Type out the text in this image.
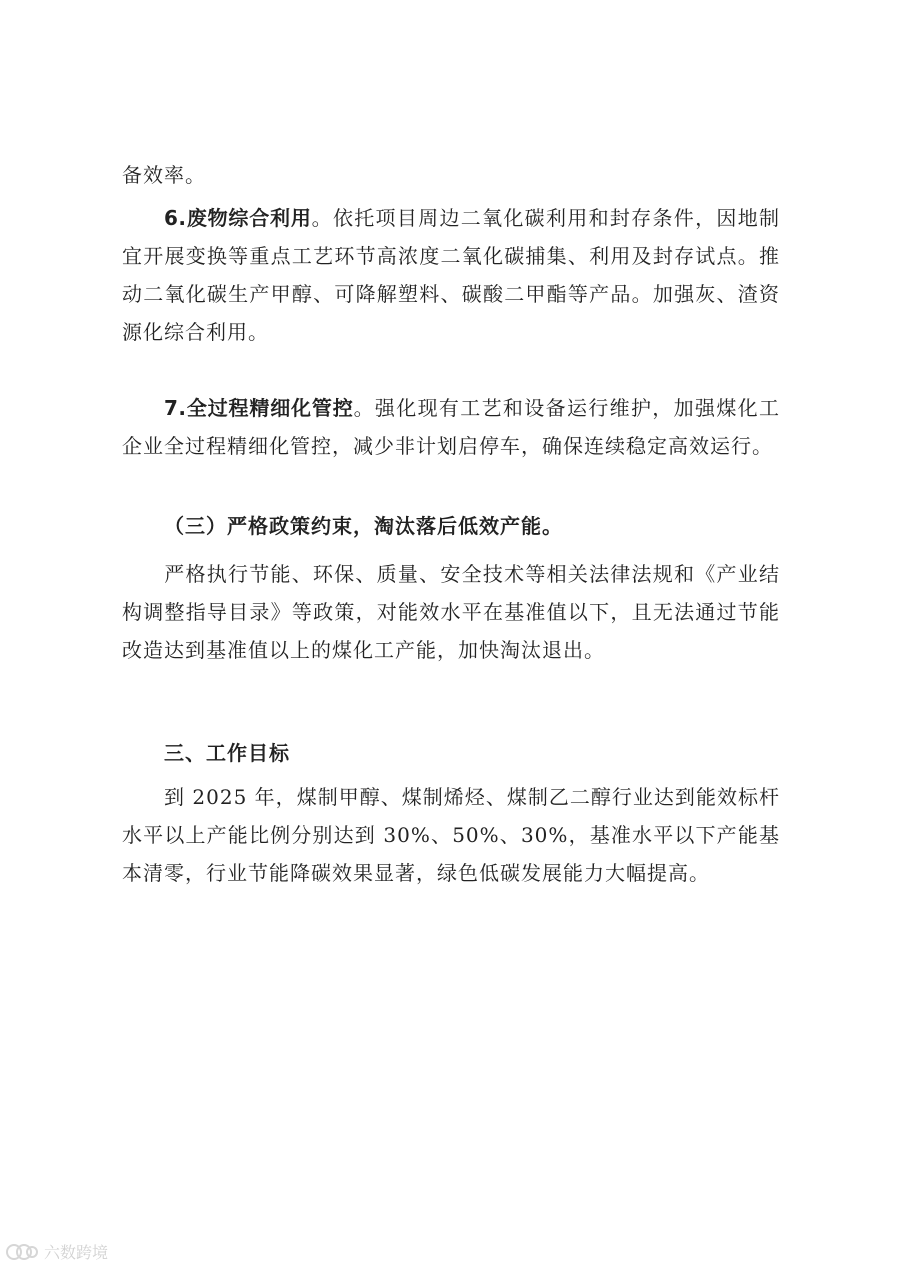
备效率。

6.废物综合利用。依托项目周边二氧化碳利用和封存条件，因地制宜开展变换等重点工艺环节高浓度二氧化碳捕集、利用及封存试点。推动二氧化碳生产甲醇、可降解塑料、碳酸二甲酯等产品。加强灰、渣资源化综合利用。

7.全过程精细化管控。强化现有工艺和设备运行维护，加强煤化工企业全过程精细化管控，减少非计划启停车，确保连续稳定高效运行。

（三）严格政策约束，淘汰落后低效产能。

严格执行节能、环保、质量、安全技术等相关法律法规和《产业结构调整指导目录》等政策，对能效水平在基准值以下，且无法通过节能改造达到基准值以上的煤化工产能，加快淘汰退出。

三、工作目标

到 2025 年，煤制甲醇、煤制烯烃、煤制乙二醇行业达到能效标杆水平以上产能比例分别达到 30%、50%、30%，基准水平以下产能基本清零，行业节能降碳效果显著，绿色低碳发展能力大幅提高。

六数跨境
